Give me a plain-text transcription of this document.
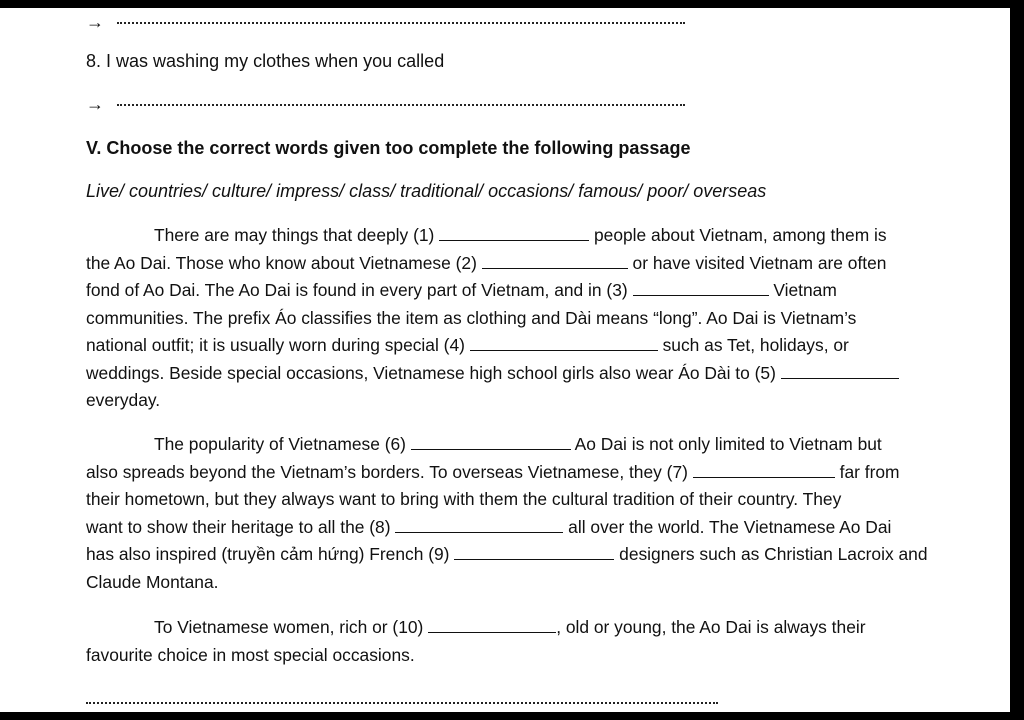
→
8. I was washing my clothes when you called
→
V. Choose the correct words given too complete the following passage
Live/ countries/ culture/ impress/ class/ traditional/ occasions/ famous/ poor/ overseas
There are may things that deeply (1)	people about Vietnam, among them is
the Ao Dai. Those who know about Vietnamese (2)	or have visited Vietnam are often
fond of Ao Dai. The Ao Dai is found in every part of Vietnam, and in (3)	Vietnam
communities. The prefix Áo classifies the item as clothing and Dài means “long”. Ao Dai is Vietnam’s
national outfit; it is usually worn during special (4)	such as Tet, holidays, or
weddings. Beside special occasions, Vietnamese high school girls also wear Áo Dài to (5)
everyday.
The popularity of Vietnamese (6)	Ao Dai is not only limited to Vietnam but
also spreads beyond the Vietnam’s borders. To overseas Vietnamese, they (7)	far from
their hometown, but they always want to bring with them the cultural tradition of their country. They
want to show their heritage to all the (8)	all over the world. The Vietnamese Ao Dai
has also inspired (truyền cảm hứng) French (9)	designers such as Christian Lacroix and
Claude Montana.
To Vietnamese women, rich or (10)	, old or young, the Ao Dai is always their
favourite choice in most special occasions.
